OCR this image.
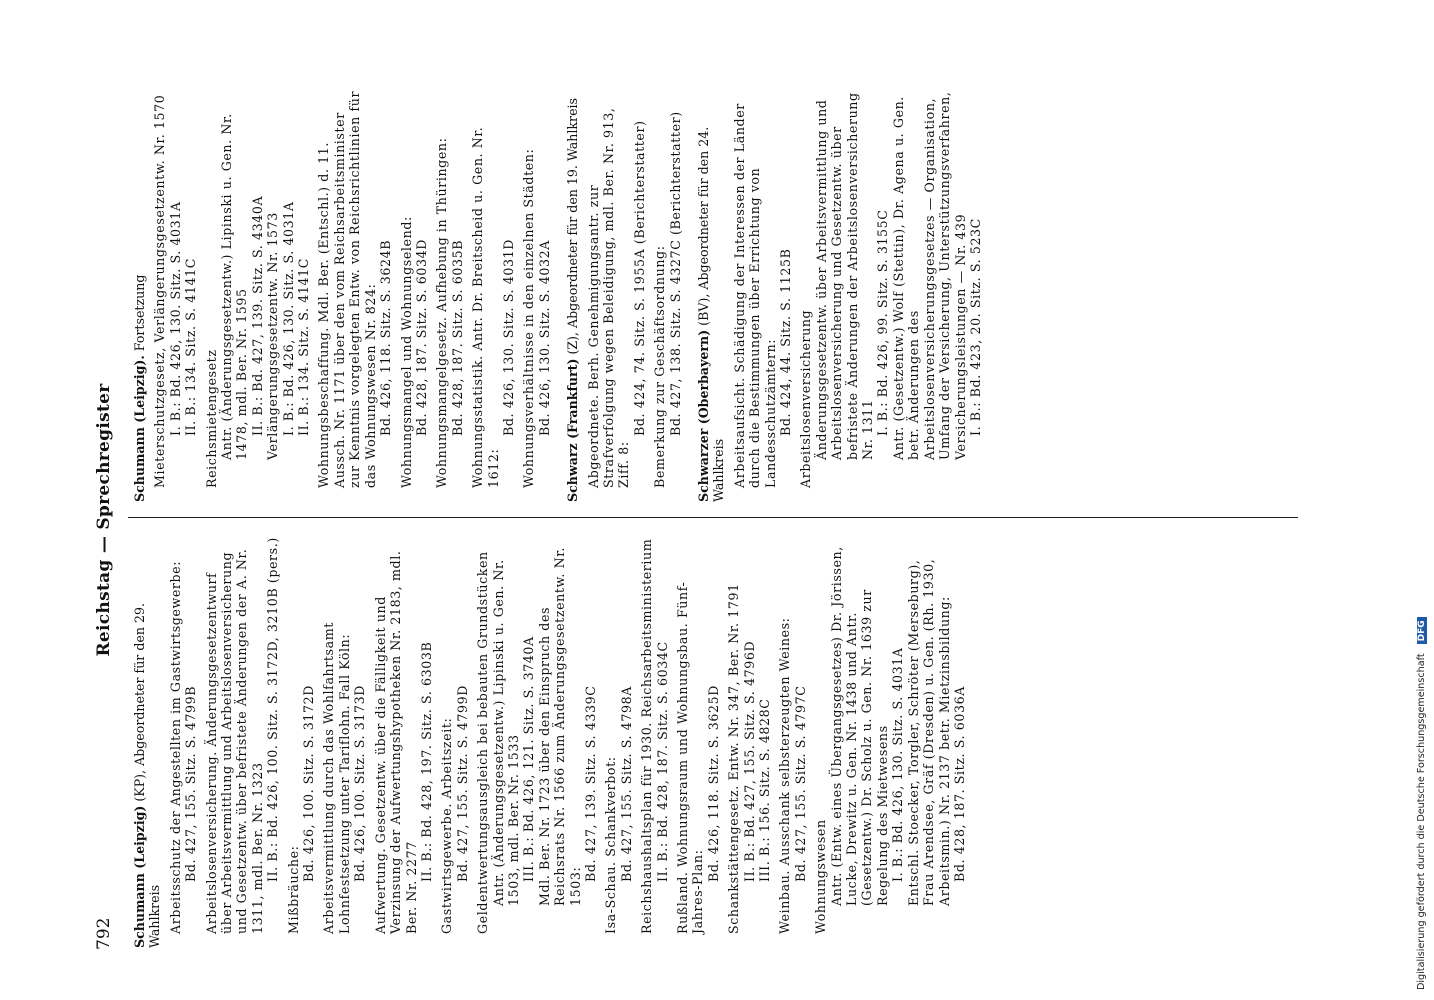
792
Reichstag — Sprechregister
Schumann (Leipzig) (KP), Abgeordneter für den 29. Wahlkreis Arbeitsschutz der Angestellten im Gastwirtsgewerbe: Bd. 427, 155. Sitz. S. 4799B Arbeitslosenversicherung. Änderungsgesetzentwurf über Arbeitsvermittlung und Arbeitslosenversicherung und Gesetzentw. über befristete Änderungen der A. Nr. 1311, mdl. Ber. Nr. 1323 II. B.: Bd. 426, 100. Sitz. S. 3172D, 3210B (pers.)
Mißbräuche:
Bd. 426, 100. Sitz. S. 3172D Arbeitsvermittlung durch das Wohlfahrtsamt Lohnfestsetzung unter Tariflohn. Fall Köln: Bd. 426, 100. Sitz. S. 3173D Aufwertung. Gesetzentw. über die Fälligkeit und Verzinsung der Aufwertungshypotheken Nr. 2183, mdl. Ber. Nr. 2277
II. B.: Bd. 428, 197. Sitz. S. 6303B Gastwirtsgewerbe. Arbeitszeit: Bd. 427, 155. Sitz. S. 4799D Geldentwertungsausgleich bei bebauten Grundstücken Antr. (Änderungsgesetzentw.) Lipinski u. Gen. Nr. 1503, mdl. Ber. Nr. 1533 III. B.: Bd. 426, 121. Sitz. S. 3740A Mdl. Ber. Nr. 1723 über den Einspruch des Reichsrats Nr. 1566 zum Änderungsgesetzentw. Nr. 1503:
Bd. 427, 139. Sitz. S. 4339C Isa-Schau. Schankverbot: Bd. 427, 155. Sitz. S. 4798A Reichshaushaltsplan für 1930. Reichsarbeitsministerium II. B.: Bd. 428, 187. Sitz. S. 6034C Rußland. Wohnungsraum und Wohnungsbau. Fünf-Jahres-Plan:
Bd. 426, 118. Sitz. S. 3625D Schankstättengesetz. Entw. Nr. 347, Ber. Nr. 1791 II. B.: Bd. 427, 155. Sitz. S. 4796D III. B.: 156. Sitz. S. 4828C Weinbau. Ausschank selbsterzeugten Weines: Bd. 427, 155. Sitz. S. 4797C Wohnungswesen Antr. (Entw. eines Übergangsgesetzes) Dr. Jörissen, Lucke, Drewitz u. Gen. Nr. 1438 und Antr. (Gesetzentw.) Dr. Scholz u. Gen. Nr. 1639 zur Regelung des Mietwesens I. B.: Bd. 426, 130. Sitz. S. 4031A Entschl. Stoecker, Torgler, Schröter (Merseburg), Frau Arendsee, Gräf (Dresden) u. Gen. (Rh. 1930, Arbeitsmin.) Nr. 2137 betr. Mietzinsbildung: Bd. 428, 187. Sitz. S. 6036A
Schumann (Leipzig). Fortsetzung Mieterschutzgesetz, Verlängerungsgesetzentw. Nr. 1570 I. B.: Bd. 426, 130. Sitz. S. 4031A II. B.: 134. Sitz. S. 4141C Reichsmietengesetz Antr. (Änderungsgesetzentw.) Lipinski u. Gen. Nr. 1478, mdl. Ber. Nr. 1595 II. B.: Bd. 427, 139. Sitz. S. 4340A Verlängerungsgesetzentw. Nr. 1573 I. B.: Bd. 426, 130. Sitz. S. 4031A II. B.: 134. Sitz. S. 4141C Wohnungsbeschaffung. Mdl. Ber. (Entschl.) d. 11. Aussch. Nr. 1171 über den vom Reichsarbeitsminister zur Kenntnis vorgelegten Entw. von Reichsrichtlinien für das Wohnungswesen Nr. 824: Bd. 426, 118. Sitz. S. 3624B Wohnungsmangel und Wohnungselend: Bd. 428, 187. Sitz. S. 6034D Wohnungsmangelgesetz. Aufhebung in Thüringen: Bd. 428, 187. Sitz. S. 6035B Wohnungsstatistik. Antr. Dr. Breitscheid u. Gen. Nr. 1612:
Bd. 426, 130. Sitz. S. 4031D Wohnungsverhältnisse in den einzelnen Städten: Bd. 426, 130. Sitz. S. 4032A Schwarz (Frankfurt) (Z), Abgeordneter für den 19. Wahlkreis Abgeordnete. Berh. Genehmigungsantr. zur Strafverfolgung wegen Beleidigung, mdl. Ber. Nr. 913, Ziff. 8:
Bd. 424, 74. Sitz. S. 1955A (Berichterstatter) Bemerkung zur Geschäftsordnung: Bd. 427, 138. Sitz. S. 4327C (Berichterstatter) Schwarzer (Oberbayern) (BV), Abgeordneter für den 24. Wahlkreis Arbeitsaufsicht. Schädigung der Interessen der Länder durch die Bestimmungen über Errichtung von Landesschutzämtern: Bd. 424, 44. Sitz. S. 1125B Arbeitslosenversicherung Änderungsgesetzentw. über Arbeitsvermittlung und Arbeitslosenversicherung und Gesetzentw. über befristete Änderungen der Arbeitslosenversicherung Nr. 1311 I. B.: Bd. 426, 99. Sitz. S. 3155C Antr. (Gesetzentw.) Wolf (Stettin), Dr. Agena u. Gen. betr. Änderungen des Arbeitslosenversicherungsgesetzes — Organisation, Umfang der Versicherung, Unterstützungsverfahren, Versicherungsleistungen — Nr. 439 I. B.: Bd. 423, 20. Sitz. S. 523C
Digitalisierung gefördert durch die Deutsche Forschungsgemeinschaft DFG
